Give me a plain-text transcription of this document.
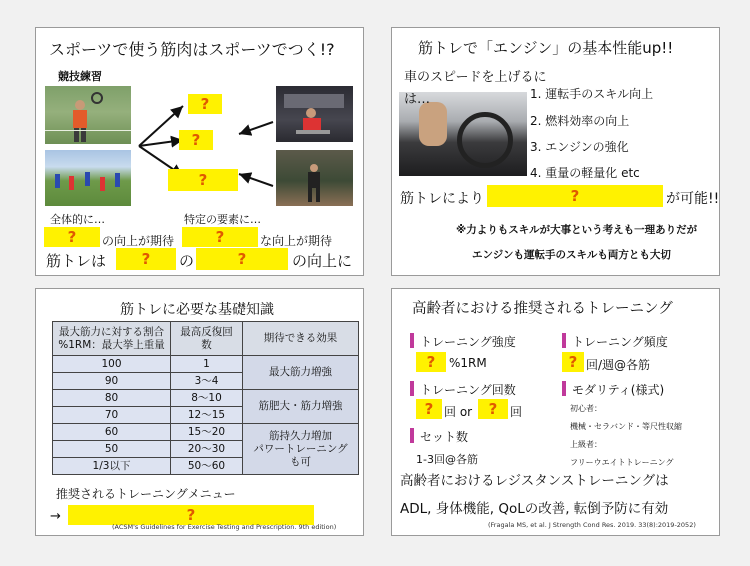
スポーツで使う筋肉はスポーツでつく!?
競技練習
?
?
?
全体的に…	特定の要素に…
?	の向上が期待	?	な向上が期待
筋トレは	?	の	?	の向上に
筋トレで「エンジン」の基本性能up!!
車のスピードを上げるに
は…	1. 運転手のスキル向上
2. 燃料効率の向上
3. エンジンの強化
4. 重量の軽量化 etc
筋トレにより	?	が可能!!
※力よりもスキルが大事という考えも一理ありだが
エンジンも運転手のスキルも両方とも大切
筋トレに必要な基礎知識
最大筋力に対する割合
%1RM：最大挙上重量	最高反復回
数	期待できる効果
100	1	最大筋力増強
90	3〜4	
80	8〜10	筋肥大・筋力増強
70	12〜15	
60	15〜20	筋持久力増加
パワートレーニング
も可
50	20〜30	
1/3以下	50〜60	
推奨されるトレーニングメニュー
→	?
(ACSM's Guidelines for Exercise Testing and Prescription. 9th edition)
高齢者における推奨されるトレーニング
トレーニング強度
?	%1RM
トレーニング頻度
? 回/週@各筋
トレーニング回数
? 回 or	?	回
モダリティ(様式)
初心者：
機械・セラバンド・等尺性収縮
上級者：
フリーウエイトトレーニング
セット数
1-3回@各筋
高齢者におけるレジスタンストレーニングは
ADL, 身体機能, QoLの改善, 転倒予防に有効
(Fragala MS, et al. J Strength Cond Res. 2019. 33(8):2019-2052)
